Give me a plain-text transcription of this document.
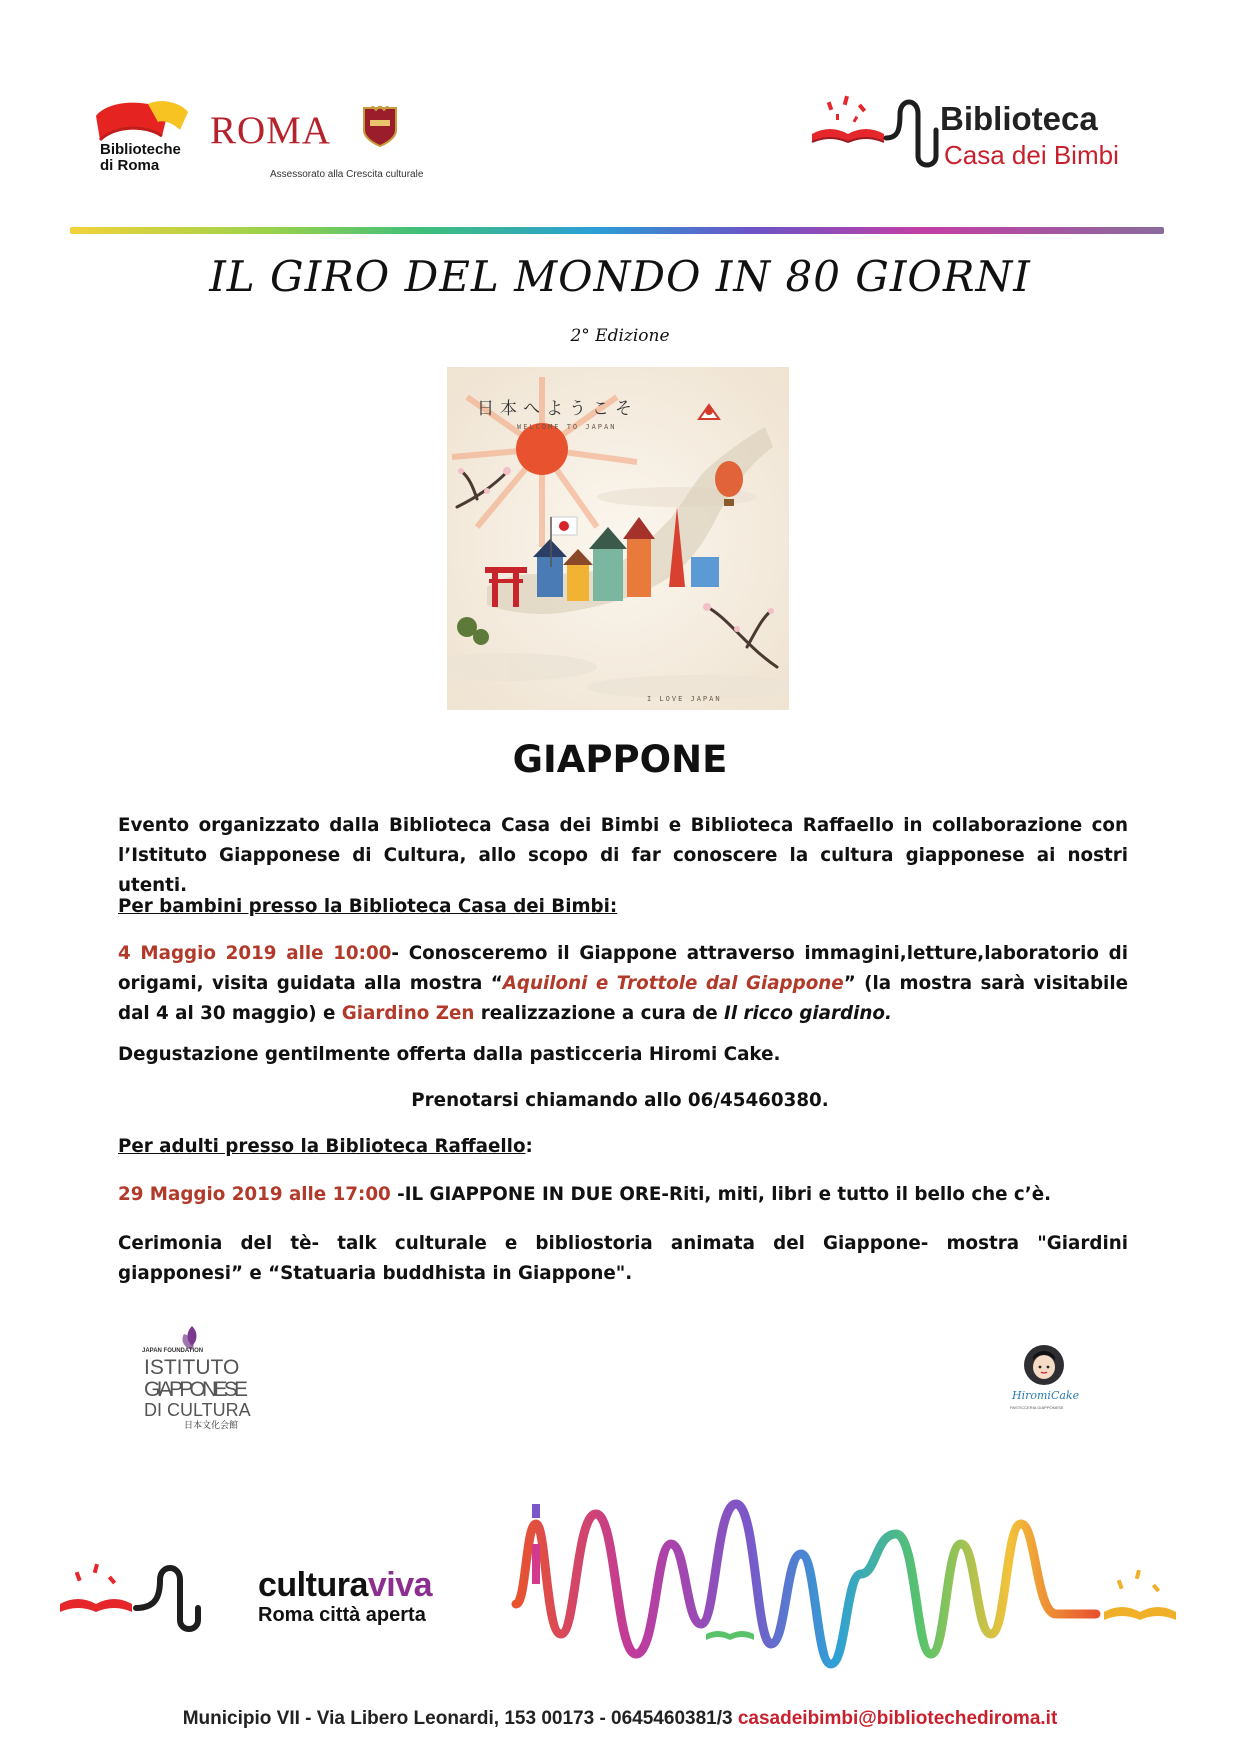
Biblioteche di Roma
ROMA
Assessorato alla Crescita culturale
Biblioteca
Casa dei Bimbi
IL GIRO DEL MONDO IN 80 GIORNI
2° Edizione
日本へようこそ
WELCOME TO JAPAN
I LOVE JAPAN
GIAPPONE
Evento organizzato dalla Biblioteca Casa dei Bimbi e Biblioteca Raffaello in collaborazione con l’Istituto Giapponese di Cultura, allo scopo di far conoscere la cultura giapponese ai nostri utenti.
Per bambini presso la Biblioteca Casa dei Bimbi:
4 Maggio 2019 alle 10:00- Conosceremo il Giappone attraverso immagini,letture,laboratorio di origami, visita guidata alla mostra “Aquiloni e Trottole dal Giappone” (la mostra sarà visitabile dal 4 al 30 maggio) e Giardino Zen realizzazione a cura de Il ricco giardino.
Degustazione gentilmente offerta dalla pasticceria Hiromi Cake.
Prenotarsi chiamando allo 06/45460380.
Per adulti presso la Biblioteca Raffaello:
29 Maggio 2019 alle 17:00 -IL GIAPPONE IN DUE ORE-Riti, miti, libri e tutto il bello che c’è.
Cerimonia del tè- talk culturale e bibliostoria animata del Giappone- mostra "Giardini giapponesi” e “Statuaria buddhista in Giappone".
JAPAN FOUNDATION
ISTITUTO
GIAPPONESE
DI CULTURA
日本文化会館
HiromiCake
PASTICCERIA GIAPPONESE
culturaviva
Roma città aperta
Municipio VII - Via Libero Leonardi, 153 00173 - 0645460381/3 casadeibimbi@bibliotechediroma.it
